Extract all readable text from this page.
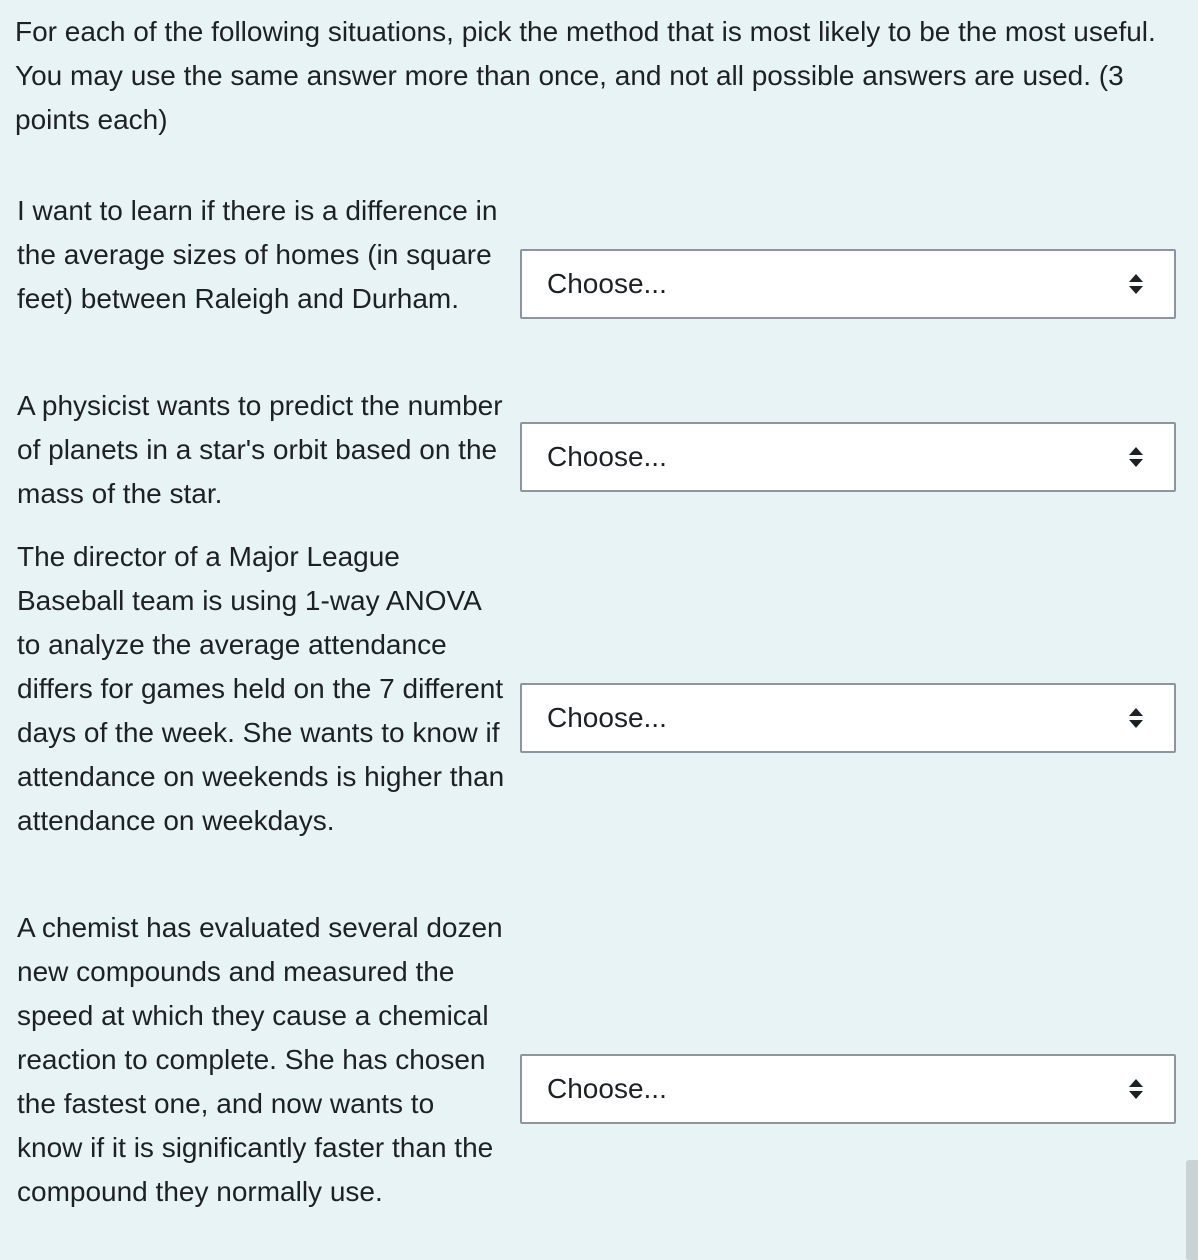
For each of the following situations, pick the method that is most likely to be the most useful. You may use the same answer more than once, and not all possible answers are used. (3 points each)

I want to learn if there is a difference in the average sizes of homes (in square feet) between Raleigh and Durham.	Choose...

A physicist wants to predict the number of planets in a star's orbit based on the mass of the star.

Choose...

The director of a Major League Baseball team is using 1-way ANOVA to analyze the average attendance differs for games held on the 7 different days of the week. She wants to know if attendance on weekends is higher than attendance on weekdays.

Choose...

A chemist has evaluated several dozen new compounds and measured the speed at which they cause a chemical reaction to complete. She has chosen the fastest one, and now wants to know if it is significantly faster than the compound they normally use.

Choose...
